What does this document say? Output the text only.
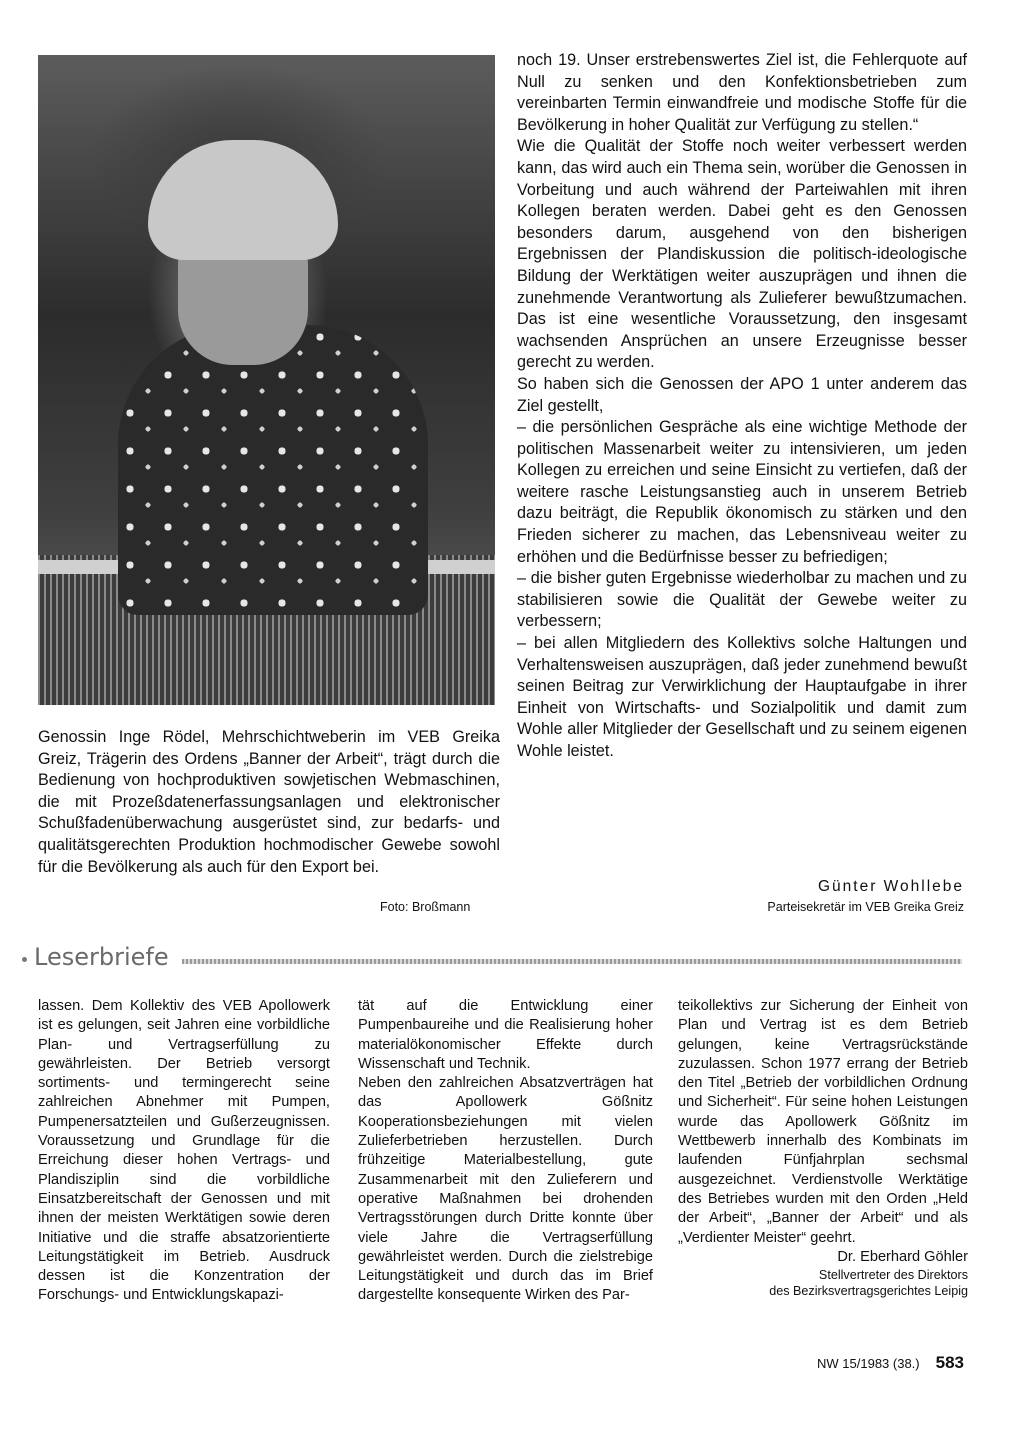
noch 19. Unser erstrebenswertes Ziel ist, die Fehlerquote auf Null zu senken und den Konfektionsbetrieben zum vereinbarten Termin einwandfreie und modische Stoffe für die Bevölkerung in hoher Qualität zur Verfügung zu stellen.“

Wie die Qualität der Stoffe noch weiter verbessert werden kann, das wird auch ein Thema sein, worüber die Genossen in Vorbeitung und auch während der Parteiwahlen mit ihren Kollegen beraten werden. Dabei geht es den Genossen besonders darum, ausgehend von den bisherigen Ergebnissen der Plandiskussion die politisch-ideologische Bildung der Werktätigen weiter auszuprägen und ihnen die zunehmende Verantwortung als Zulieferer bewußtzumachen. Das ist eine wesentliche Voraussetzung, den insgesamt wachsenden Ansprüchen an unsere Erzeugnisse besser gerecht zu werden.

So haben sich die Genossen der APO 1 unter anderem das Ziel gestellt,

– die persönlichen Gespräche als eine wichtige Methode der politischen Massenarbeit weiter zu intensivieren, um jeden Kollegen zu erreichen und seine Einsicht zu vertiefen, daß der weitere rasche Leistungsanstieg auch in unserem Betrieb dazu beiträgt, die Republik ökonomisch zu stärken und den Frieden sicherer zu machen, das Lebensniveau weiter zu erhöhen und die Bedürfnisse besser zu befriedigen;

– die bisher guten Ergebnisse wiederholbar zu machen und zu stabilisieren sowie die Qualität der Gewebe weiter zu verbessern;

– bei allen Mitgliedern des Kollektivs solche Haltungen und Verhaltensweisen auszuprägen, daß jeder zunehmend bewußt seinen Beitrag zur Verwirklichung der Hauptaufgabe in ihrer Einheit von Wirtschafts- und Sozialpolitik und damit zum Wohle aller Mitglieder der Gesellschaft und zu seinem eigenen Wohle leistet.

Genossin Inge Rödel, Mehrschichtweberin im VEB Greika Greiz, Trägerin des Ordens „Banner der Arbeit“, trägt durch die Bedienung von hochproduktiven sowjetischen Webmaschinen, die mit Prozeßdatenerfassungsanlagen und elektronischer Schußfadenüberwachung ausgerüstet sind, zur bedarfs- und qualitätsgerechten Produktion hochmodischer Gewebe sowohl für die Bevölkerung als auch für den Export bei.
Foto: Broßmann
Günter Wohllebe
Parteisekretär im VEB Greika Greiz
Leserbriefe

lassen. Dem Kollektiv des VEB Apollowerk ist es gelungen, seit Jahren eine vorbildliche Plan- und Vertragserfüllung zu gewährleisten. Der Betrieb versorgt sortiments- und termingerecht seine zahlreichen Abnehmer mit Pumpen, Pumpenersatzteilen und Gußerzeugnissen. Voraussetzung und Grundlage für die Erreichung dieser hohen Vertrags- und Plandisziplin sind die vorbildliche Einsatzbereitschaft der Genossen und mit ihnen der meisten Werktätigen sowie deren Initiative und die straffe absatzorientierte Leitungstätigkeit im Betrieb. Ausdruck dessen ist die Konzentration der Forschungs- und Entwicklungskapazi-

tät auf die Entwicklung einer Pumpenbaureihe und die Realisierung hoher materialökonomischer Effekte durch Wissenschaft und Technik.

Neben den zahlreichen Absatzverträgen hat das Apollowerk Gößnitz Kooperationsbeziehungen mit vielen Zulieferbetrieben herzustellen. Durch frühzeitige Materialbestellung, gute Zusammenarbeit mit den Zulieferern und operative Maßnahmen bei drohenden Vertragsstörungen durch Dritte konnte über viele Jahre die Vertragserfüllung gewährleistet werden. Durch die zielstrebige Leitungstätigkeit und durch das im Brief dargestellte konsequente Wirken des Par-

teikollektivs zur Sicherung der Einheit von Plan und Vertrag ist es dem Betrieb gelungen, keine Vertragsrückstände zuzulassen. Schon 1977 errang der Betrieb den Titel „Betrieb der vorbildlichen Ordnung und Sicherheit“. Für seine hohen Leistungen wurde das Apollowerk Gößnitz im Wettbewerb innerhalb des Kombinats im laufenden Fünfjahrplan sechsmal ausgezeichnet. Verdienstvolle Werktätige des Betriebes wurden mit den Orden „Held der Arbeit“, „Banner der Arbeit“ und als „Verdienter Meister“ geehrt.

Dr. Eberhard Göhler
Stellvertreter des Direktors
des Bezirksvertragsgerichtes Leipig
NW 15/1983 (38.) 583
